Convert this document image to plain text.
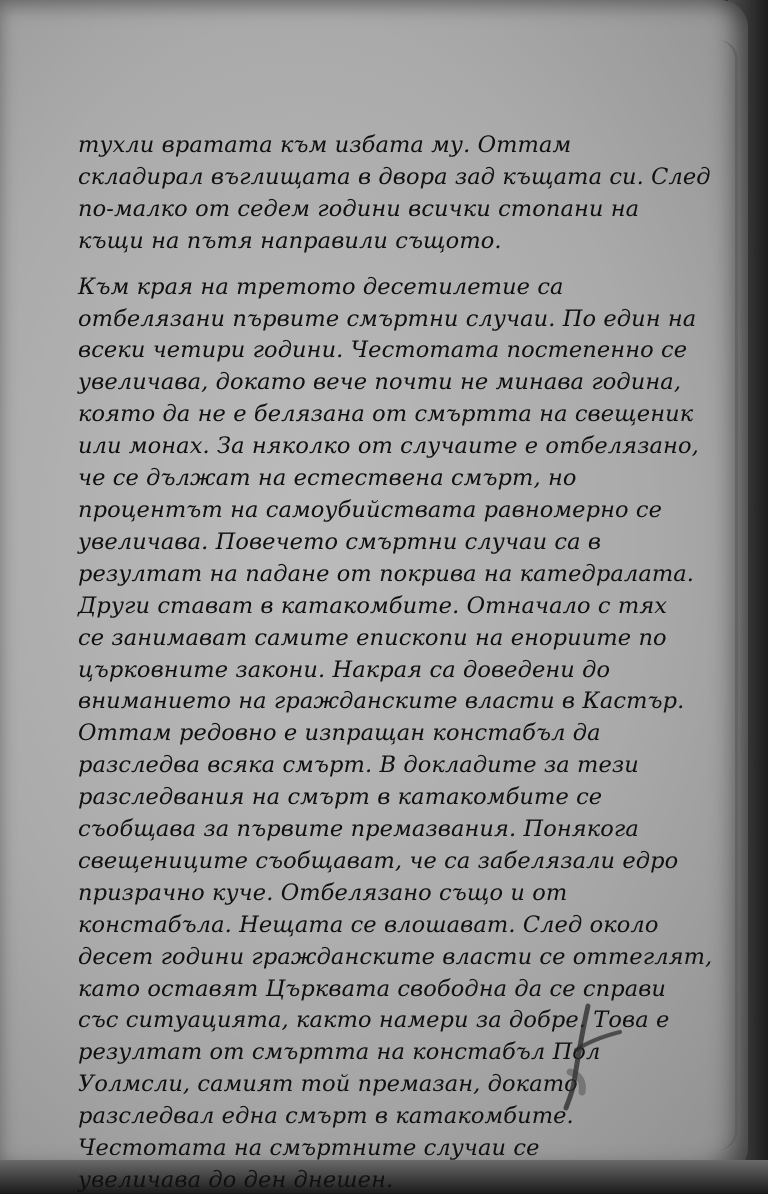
тухли вратата към избата му. Оттам
складирал въглищата в двора зад къщата си. След
по-малко от седем години всички стопани на
къщи на пътя направили същото.

Към края на третото десетилетие са
отбелязани първите смъртни случаи. По един на
всеки четири години. Честотата постепенно се
увеличава, докато вече почти не минава година,
която да не е белязана от смъртта на свещеник
или монах. За няколко от случаите е отбелязано,
че се дължат на естествена смърт, но
процентът на самоубийствата равномерно се
увеличава. Повечето смъртни случаи са в
резултат на падане от покрива на катедралата.
Други стават в катакомбите. Отначало с тях
се занимават самите епископи на енориите по
църковните закони. Накрая са доведени до
вниманието на гражданските власти в Кастър.
Оттам редовно е изпращан констабъл да
разследва всяка смърт. В докладите за тези
разследвания на смърт в катакомбите се
съобщава за първите премазвания. Понякога
свещениците съобщават, че са забелязали едро
призрачно куче. Отбелязано също и от
констабъла. Нещата се влошават. След около
десет години гражданските власти се оттеглят,
като оставят Църквата свободна да се справи
със ситуацията, както намери за добре. Това е
резултат от смъртта на констабъл Пол
Уолмсли, самият той премазан, докато
разследвал една смърт в катакомбите.
Честотата на смъртните случаи се
увеличава до ден днешен.
